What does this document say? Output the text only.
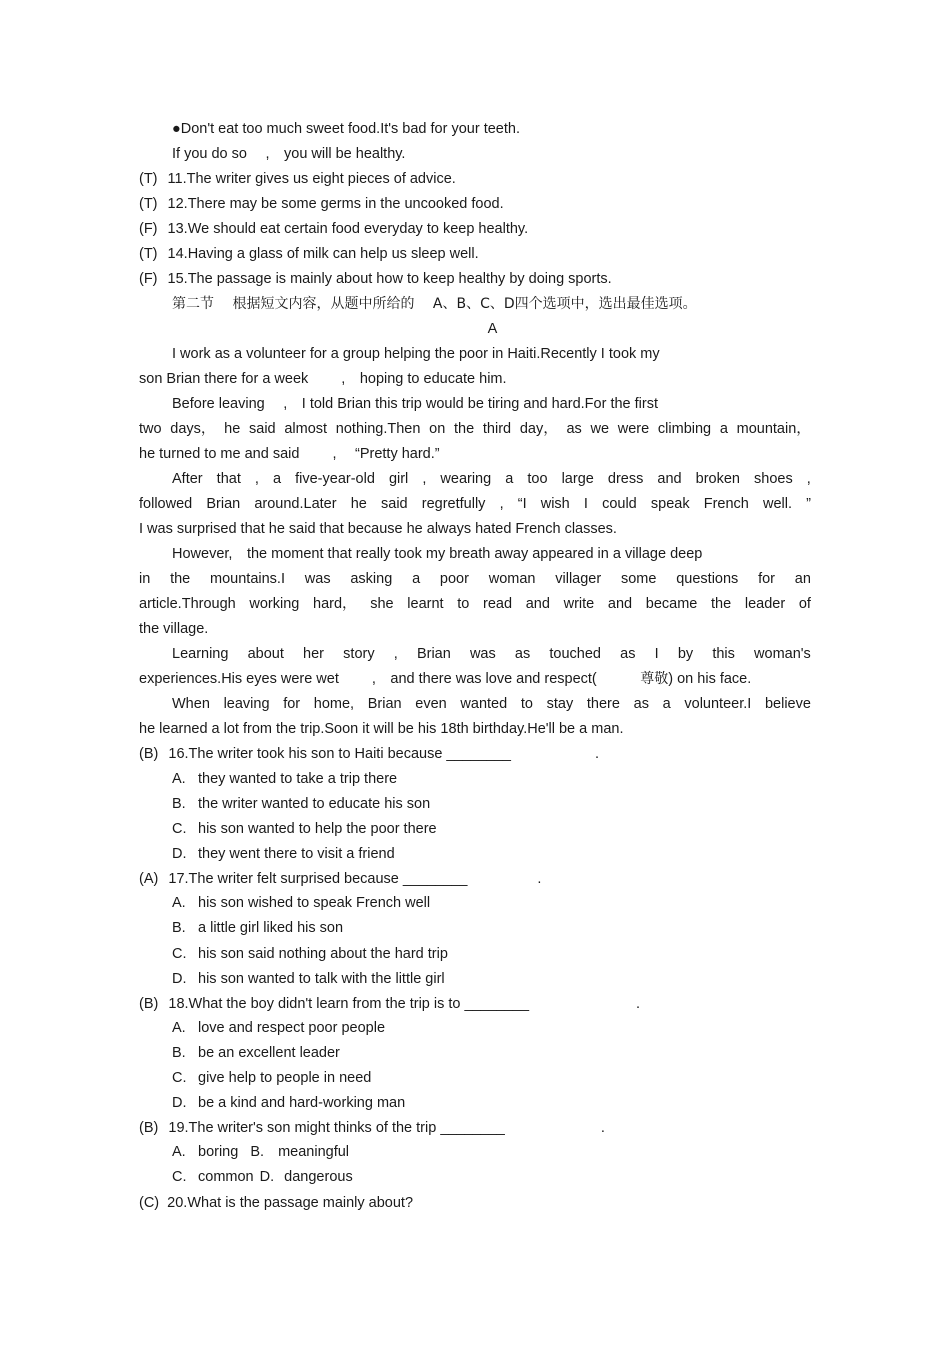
●Don't eat too much sweet food.It's bad for your teeth.
If you do so　 ,　you will be healthy.
(T) 11.The writer gives us eight pieces of advice.
(T) 12.There may be some germs in the uncooked food.
(F) 13.We should eat certain food everyday to keep healthy.
(T) 14.Having a glass of milk can help us sleep well.
(F) 15.The passage is mainly about how to keep healthy by doing sports.
第二节　 根据短文内容，从题中所给的　 A、B、C、D四个选项中，选出最佳选项。
A
I work as a volunteer for a group helping the poor in Haiti.Recently I took my
son Brian there for a week　　 ,　hoping to educate him.
Before leaving　 ,　I told Brian this trip would be tiring and hard.For the first
two days， he said almost nothing.Then on the third day， as we were climbing a mountain，
he turned to me and said　　 ,　 “Pretty hard.”
After that , a five-year-old girl , wearing a too large dress and broken shoes ,
followed Brian around.Later he said regretfully , “I wish I could speak French well. ”
I was surprised that he said that because he always hated French classes.
However,　the moment that really took my breath away appeared in a village deep
in the mountains.I was asking a poor woman villager some questions for an
article.Through working hard， she learnt to read and write and became the leader of
the village.
Learning about her story , Brian was as touched as I by this woman's
experiences.His eyes were wet　　 ,　and there was love and respect(　　　尊敬) on his face.
When leaving for home, Brian even wanted to stay there as a volunteer.I believe
he learned a lot from the trip.Soon it will be his 18th birthday.He'll be a man.
(B) 16.The writer took his son to Haiti because ________	.
A. they wanted to take a trip there
B. the writer wanted to educate his son
C. his son wanted to help the poor there
D. they went there to visit a friend
(A) 17.The writer felt surprised because ________	.
A. his son wished to speak French well
B. a little girl liked his son
C. his son said nothing about the hard trip
D. his son wanted to talk with the little girl
(B) 18.What the boy didn't learn from the trip is to ________	.
A. love and respect poor people
B. be an excellent leader
C. give help to people in need
D. be a kind and hard-working man
(B) 19.The writer's son might thinks of the trip ________	.
A. boring B. meaningful
C. common D. dangerous
(C) 20.What is the passage mainly about?
